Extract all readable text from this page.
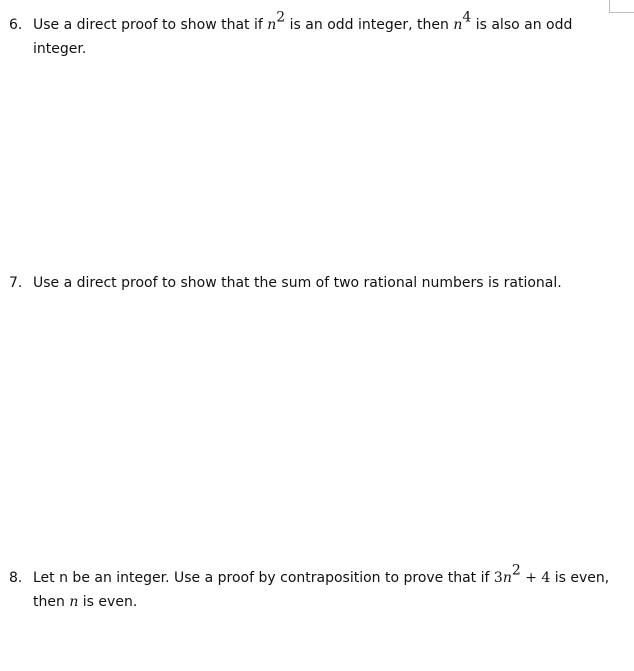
6. Use a direct proof to show that if $n^2$ is an odd integer, then $n^4$ is also an odd integer.
7. Use a direct proof to show that the sum of two rational numbers is rational.
8. Let n be an integer. Use a proof by contraposition to prove that if $3n^2 + 4$ is even,
then n is even.
